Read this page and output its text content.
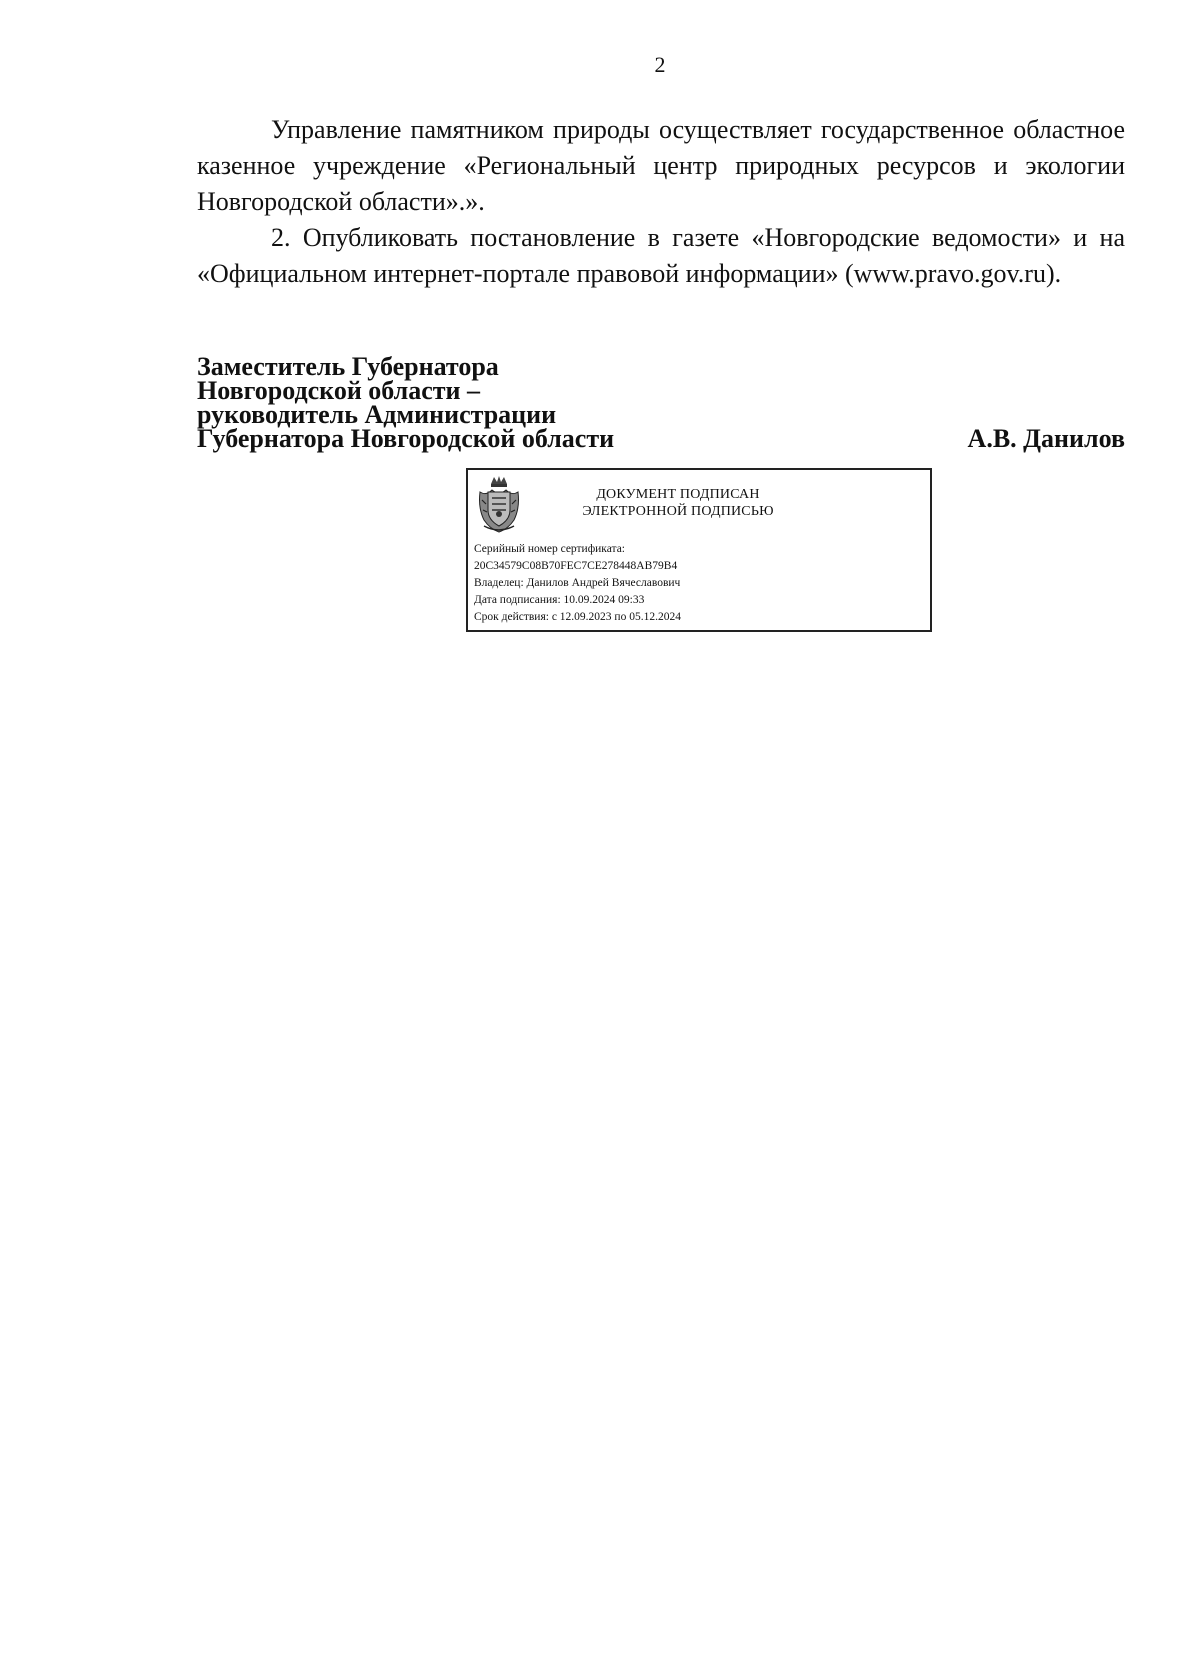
2

Управление памятником природы осуществляет государственное областное казенное учреждение «Региональный центр природных ресурсов и экологии Новгородской области».».

2. Опубликовать постановление в газете «Новгородские ведомости» и на «Официальном интернет-портале правовой информации» (www.pravo.gov.ru).

Заместитель Губернатора
Новгородской области –
руководитель Администрации
Губернатора Новгородской области	А.В. Данилов
ДОКУМЕНТ ПОДПИСАН
ЭЛЕКТРОННОЙ ПОДПИСЬЮ
Серийный номер сертификата:
20C34579C08B70FEC7CE278448AB79B4
Владелец: Данилов Андрей Вячеславович
Дата подписания: 10.09.2024 09:33
Срок действия: с 12.09.2023 по 05.12.2024
